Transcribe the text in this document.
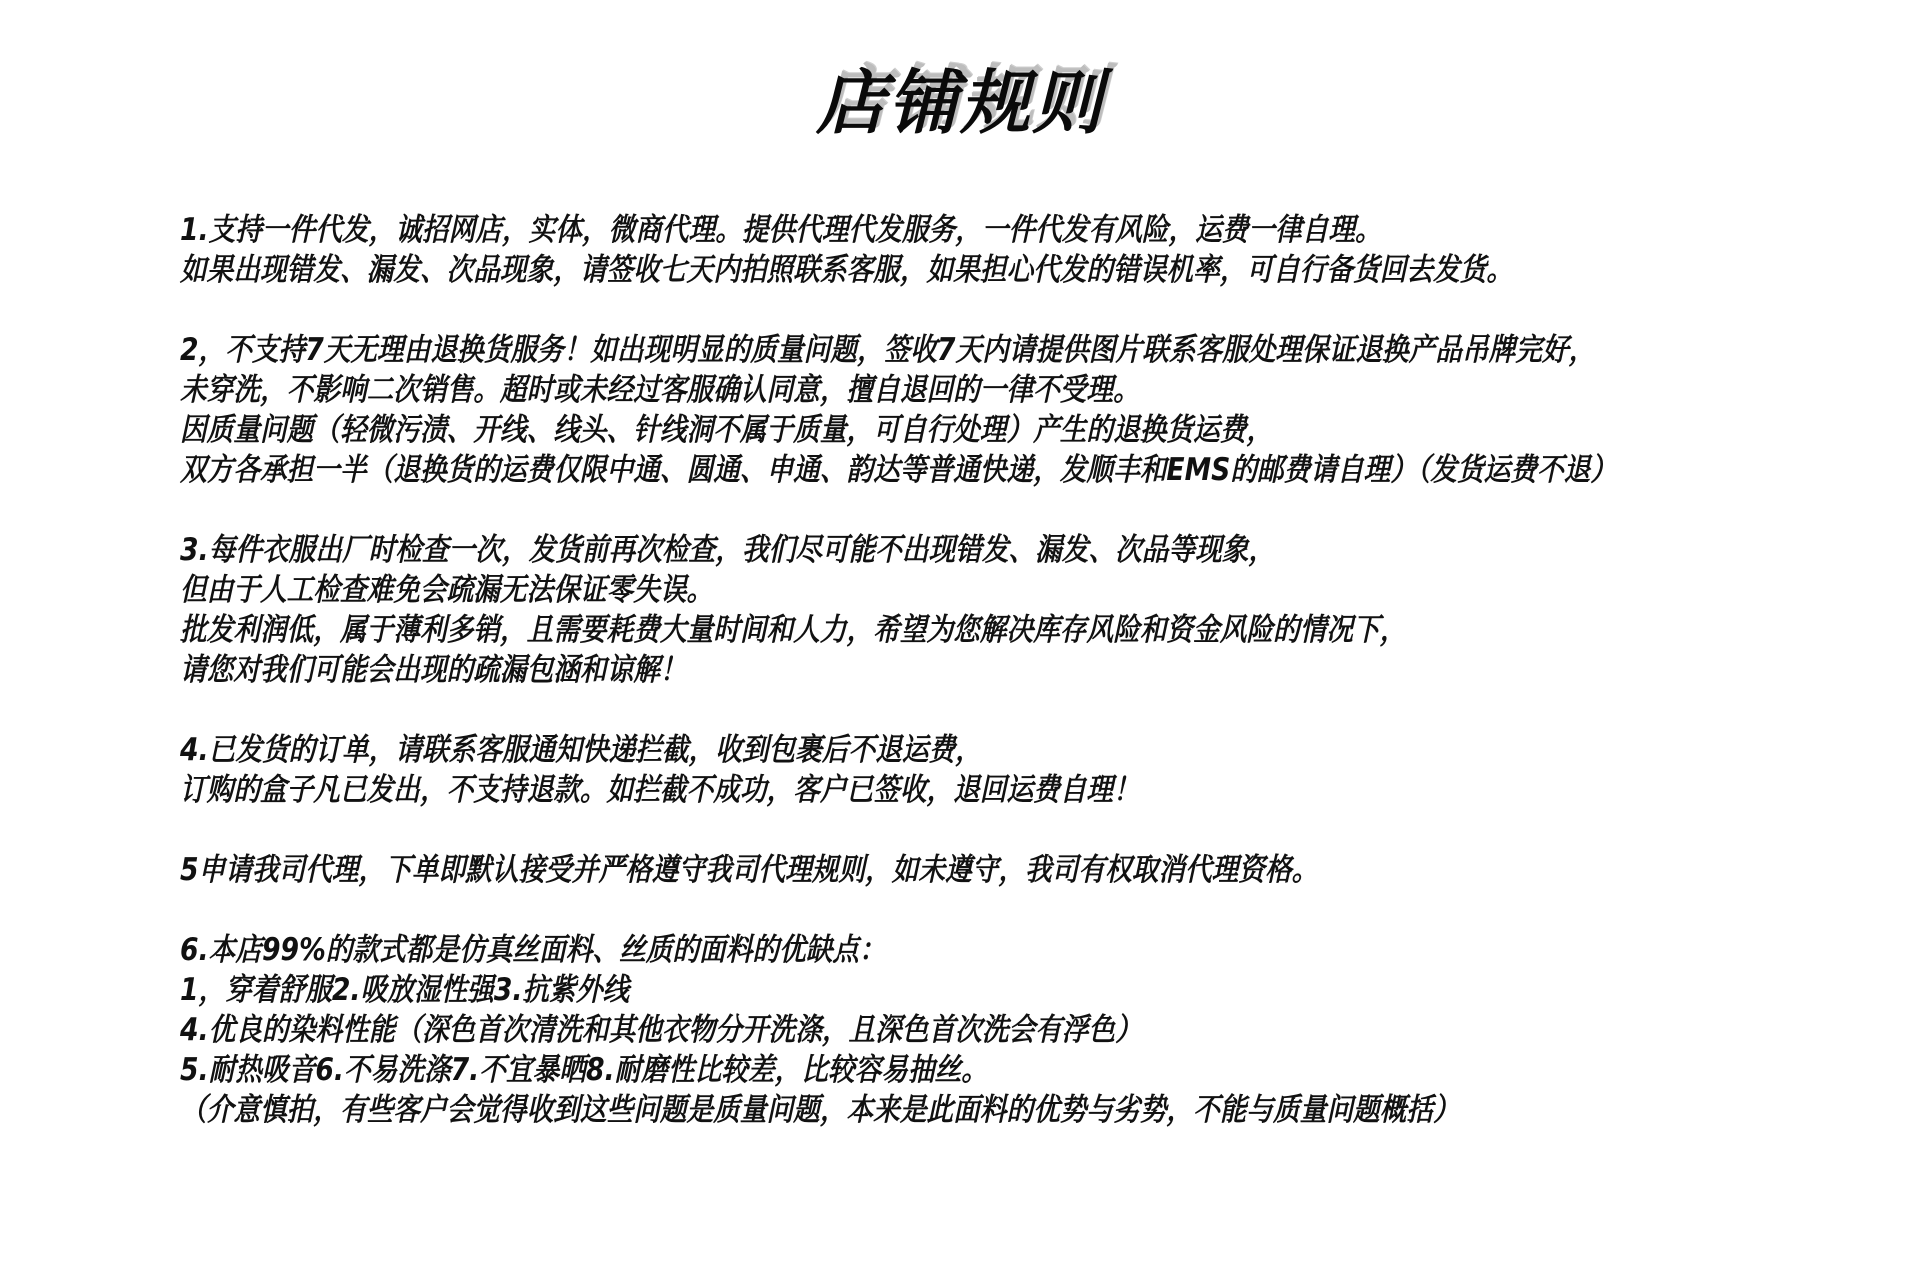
店铺规则
1.支持一件代发，诚招网店，实体，微商代理。提供代理代发服务，一件代发有风险，运费一律自理。
如果出现错发、漏发、次品现象，请签收七天内拍照联系客服，如果担心代发的错误机率，可自行备货回去发货。
2，不支持7天无理由退换货服务！如出现明显的质量问题，签收7天内请提供图片联系客服处理保证退换产品吊牌完好，
未穿洗，不影响二次销售。超时或未经过客服确认同意，擅自退回的一律不受理。
因质量问题（轻微污渍、开线、线头、针线洞不属于质量，可自行处理）产生的退换货运费，
双方各承担一半（退换货的运费仅限中通、圆通、申通、韵达等普通快递，发顺丰和EMS的邮费请自理）（发货运费不退）
3.每件衣服出厂时检查一次，发货前再次检查，我们尽可能不出现错发、漏发、次品等现象，
但由于人工检查难免会疏漏无法保证零失误。
批发利润低，属于薄利多销，且需要耗费大量时间和人力，希望为您解决库存风险和资金风险的情况下，
请您对我们可能会出现的疏漏包涵和谅解！
4.已发货的订单，请联系客服通知快递拦截，收到包裹后不退运费，
订购的盒子凡已发出，不支持退款。如拦截不成功，客户已签收，退回运费自理！
5申请我司代理，下单即默认接受并严格遵守我司代理规则，如未遵守，我司有权取消代理资格。
6.本店99%的款式都是仿真丝面料、丝质的面料的优缺点：
1，穿着舒服2.吸放湿性强3.抗紫外线
4.优良的染料性能（深色首次清洗和其他衣物分开洗涤，且深色首次洗会有浮色）
5.耐热吸音6.不易洗涤7.不宜暴晒8.耐磨性比较差，比较容易抽丝。
（介意慎拍，有些客户会觉得收到这些问题是质量问题，本来是此面料的优势与劣势，不能与质量问题概括）
